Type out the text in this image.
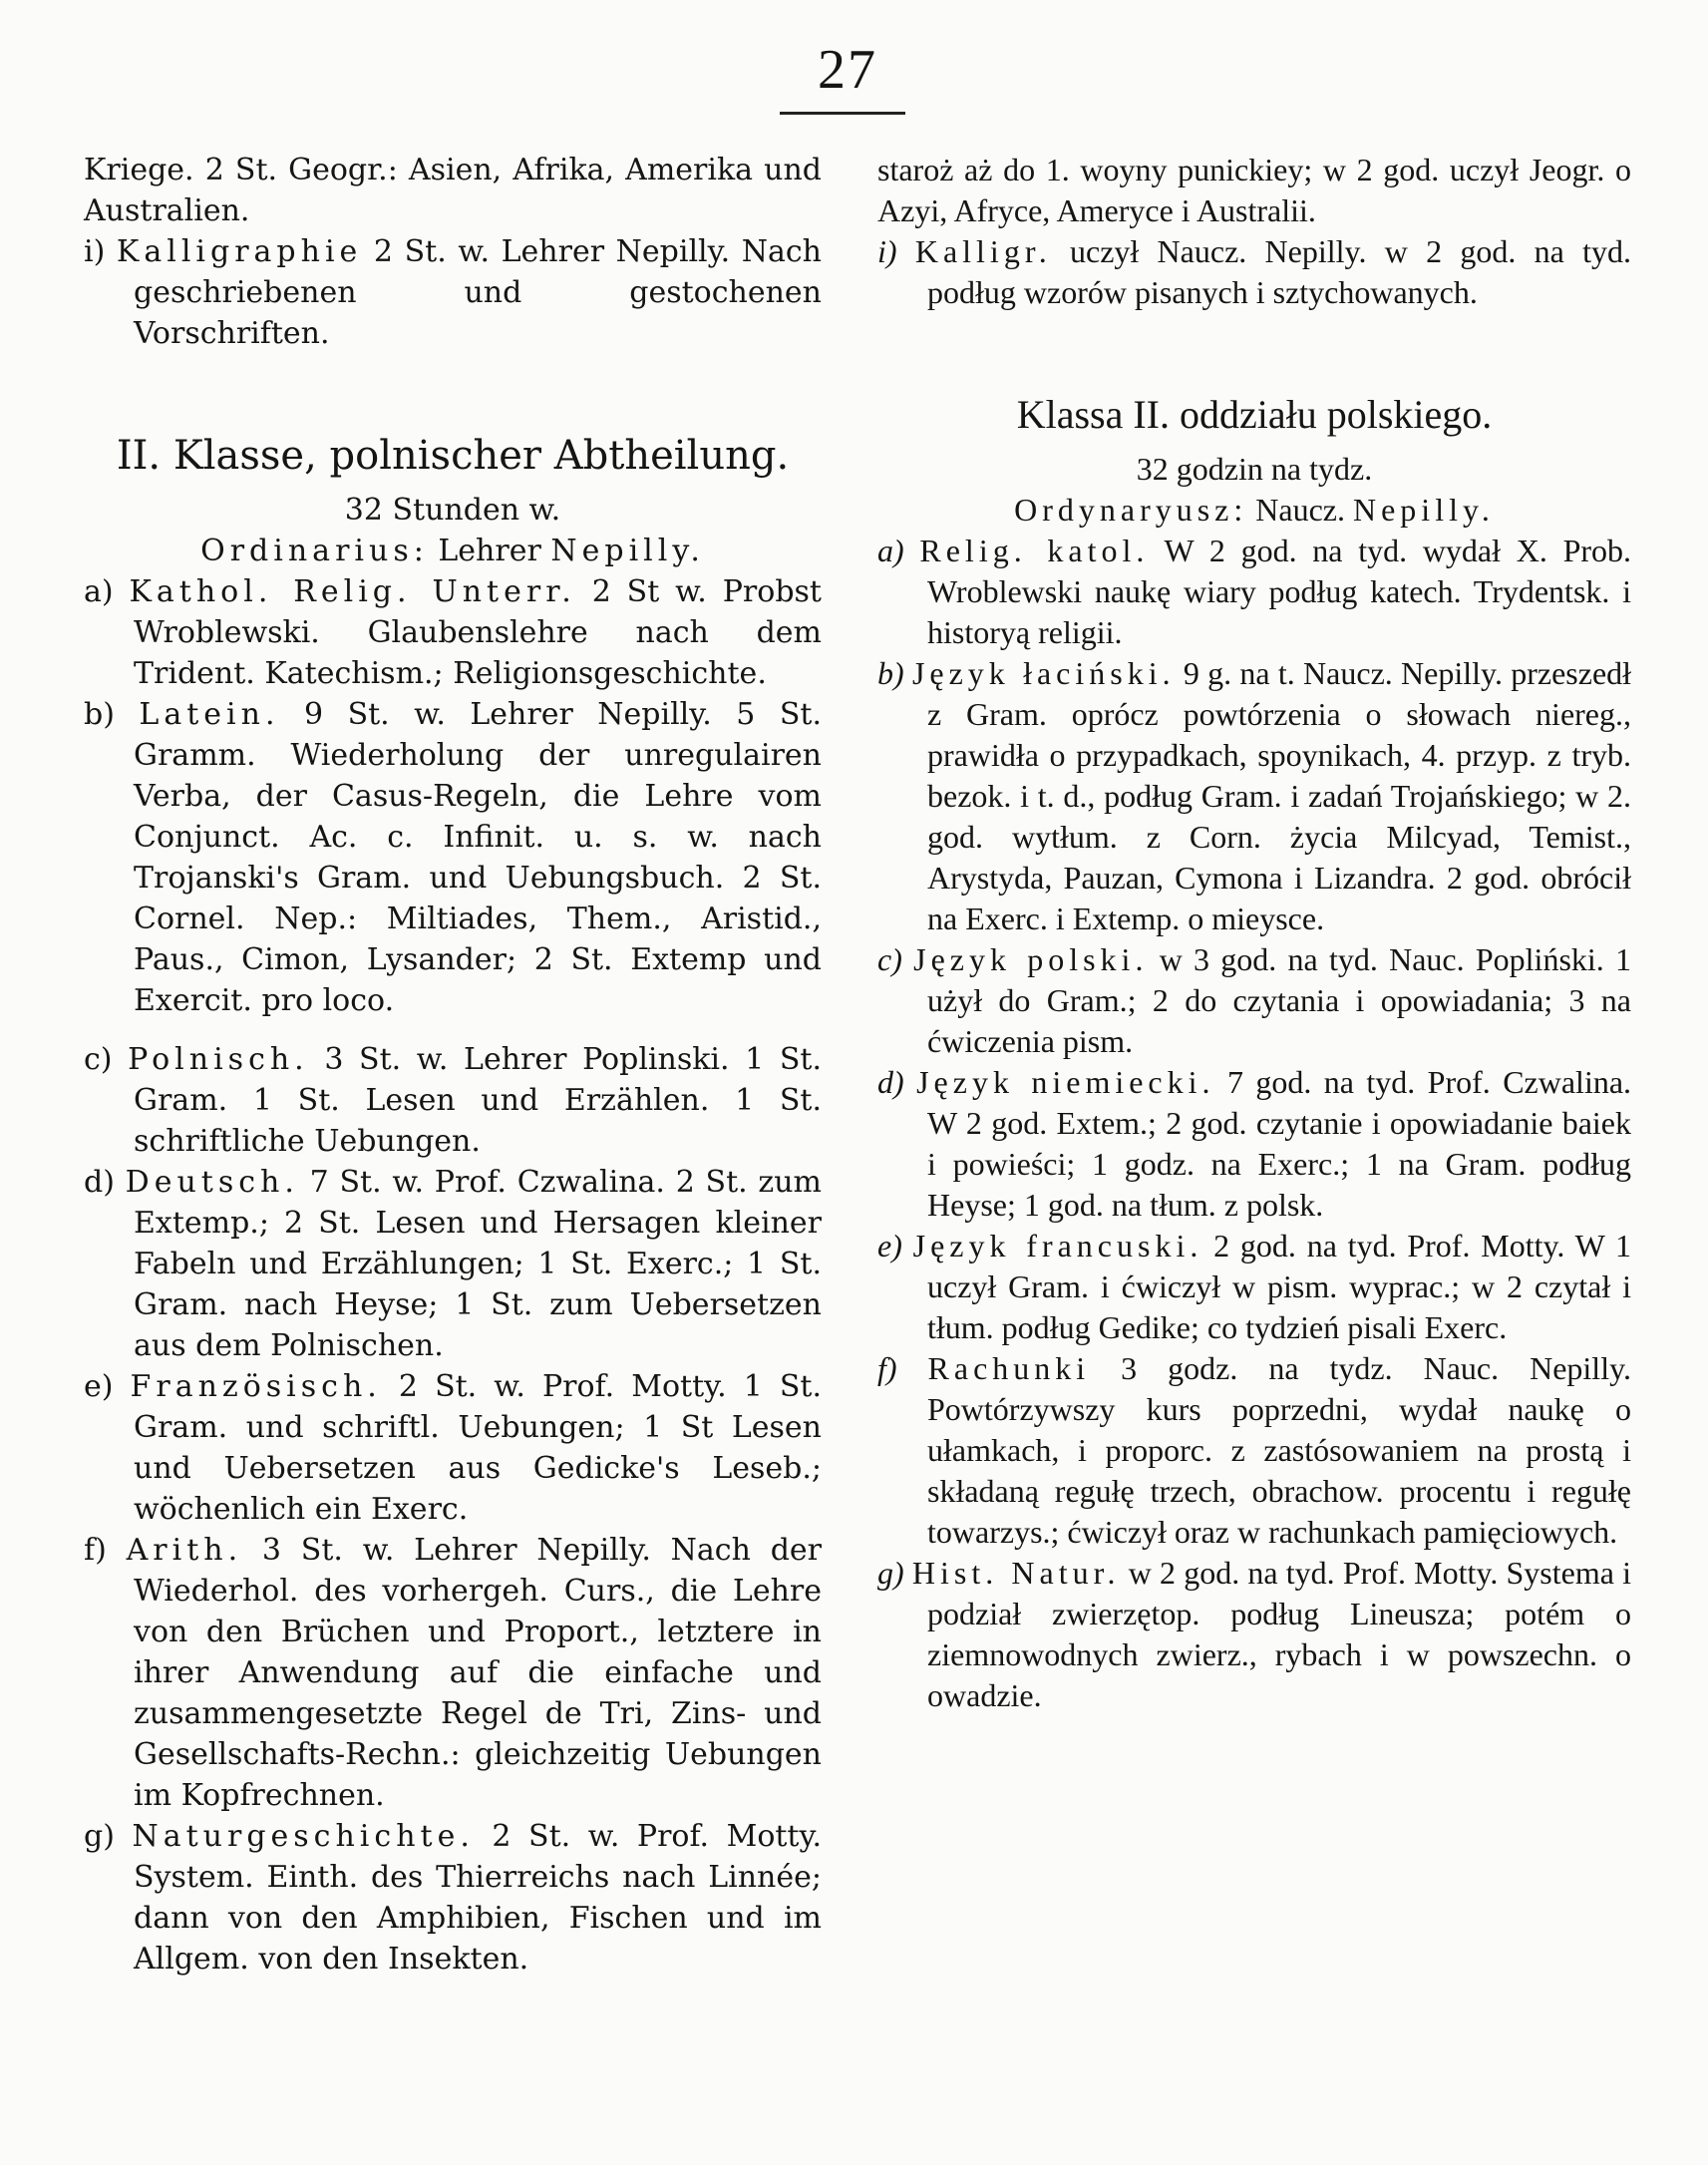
27

Kriege. 2 St. Geogr.: Asien, Afrika, Amerika und Australien.

i) Kalligraphie 2 St. w. Lehrer Nepilly. Nach geschriebenen und gestochenen Vorschriften.

II. Klasse, polnischer Abtheilung.

32 Stunden w.

Ordinarius: Lehrer Nepilly.

a) Kathol. Relig. Unterr. 2 St w. Probst Wroblewski. Glaubenslehre nach dem Trident. Katechism.; Religionsgeschichte.

b) Latein. 9 St. w. Lehrer Nepilly. 5 St. Gramm. Wiederholung der unregulairen Verba, der Casus-Regeln, die Lehre vom Conjunct. Ac. c. Infinit. u. s. w. nach Trojanski's Gram. und Uebungsbuch. 2 St. Cornel. Nep.: Miltiades, Them., Aristid., Paus., Cimon, Lysander; 2 St. Extemp und Exercit. pro loco.

c) Polnisch. 3 St. w. Lehrer Poplinski. 1 St. Gram. 1 St. Lesen und Erzählen. 1 St. schriftliche Uebungen.

d) Deutsch. 7 St. w. Prof. Czwalina. 2 St. zum Extemp.; 2 St. Lesen und Hersagen kleiner Fabeln und Erzählungen; 1 St. Exerc.; 1 St. Gram. nach Heyse; 1 St. zum Uebersetzen aus dem Polnischen.

e) Französisch. 2 St. w. Prof. Motty. 1 St. Gram. und schriftl. Uebungen; 1 St Lesen und Uebersetzen aus Gedicke's Leseb.; wöchenlich ein Exerc.

f) Arith. 3 St. w. Lehrer Nepilly. Nach der Wiederhol. des vorhergeh. Curs., die Lehre von den Brüchen und Proport., letztere in ihrer Anwendung auf die einfache und zusammengesetzte Regel de Tri, Zins- und Gesellschafts-Rechn.: gleichzeitig Uebungen im Kopfrechnen.

g) Naturgeschichte. 2 St. w. Prof. Motty. System. Einth. des Thierreichs nach Linnée; dann von den Amphibien, Fischen und im Allgem. von den Insekten.

staroż aż do 1. woyny punickiey; w 2 god. uczył Jeogr. o Azyi, Afryce, Ameryce i Australii.

i) Kalligr. uczył Naucz. Nepilly. w 2 god. na tyd. podług wzorów pisanych i sztychowanych.

Klassa II. oddziału polskiego.

32 godzin na tydz.

Ordynaryusz: Naucz. Nepilly.

a) Relig. katol. W 2 god. na tyd. wydał X. Prob. Wroblewski naukę wiary podług katech. Trydentsk. i historyą religii.

b) Język łaciński. 9 g. na t. Naucz. Nepilly. przeszedł z Gram. oprócz powtórzenia o słowach niereg., prawidła o przypadkach, spoynikach, 4. przyp. z tryb. bezok. i t. d., podług Gram. i zadań Trojańskiego; w 2. god. wytłum. z Corn. życia Milcyad, Temist., Arystyda, Pauzan, Cymona i Lizandra. 2 god. obrócił na Exerc. i Extemp. o mieysce.

c) Język polski. w 3 god. na tyd. Nauc. Popliński. 1 użył do Gram.; 2 do czytania i opowiadania; 3 na ćwiczenia pism.

d) Język niemiecki. 7 god. na tyd. Prof. Czwalina. W 2 god. Extem.; 2 god. czytanie i opowiadanie baiek i powieści; 1 godz. na Exerc.; 1 na Gram. podług Heyse; 1 god. na tłum. z polsk.

e) Język francuski. 2 god. na tyd. Prof. Motty. W 1 uczył Gram. i ćwiczył w pism. wyprac.; w 2 czytał i tłum. podług Gedike; co tydzień pisali Exerc.

f) Rachunki 3 godz. na tydz. Nauc. Nepilly. Powtórzywszy kurs poprzedni, wydał naukę o ułamkach, i proporc. z zastósowaniem na prostą i składaną regułę trzech, obrachow. procentu i regułę towarzys.; ćwiczył oraz w rachunkach pamięciowych.

g) Hist. Natur. w 2 god. na tyd. Prof. Motty. Systema i podział zwierzętop. podług Lineusza; potém o ziemnowodnych zwierz., rybach i w powszechn. o owadzie.
